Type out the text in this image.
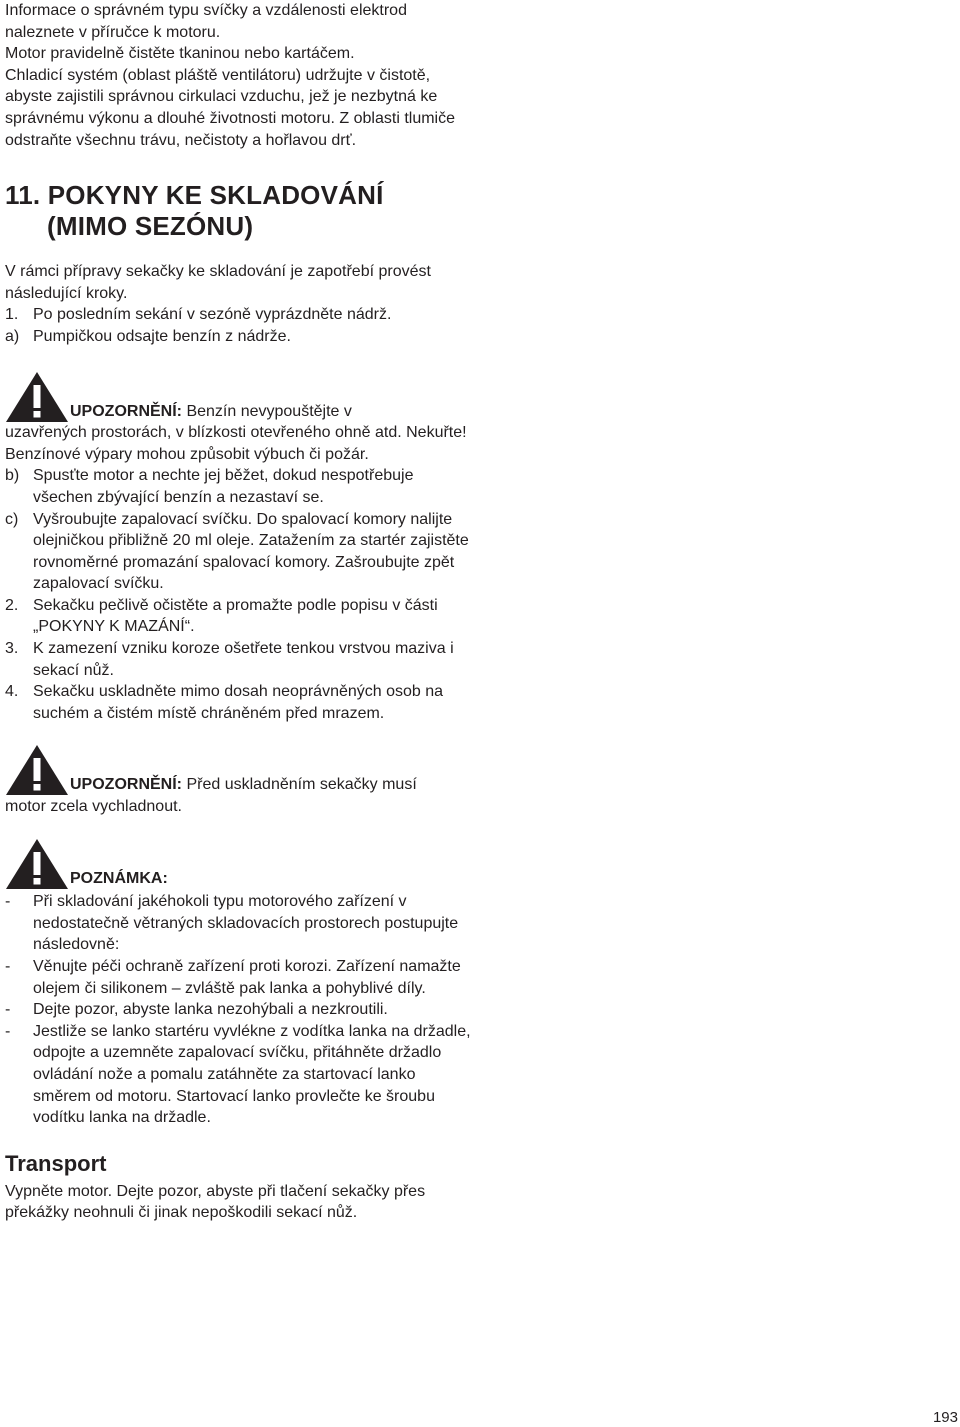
Informace o správném typu svíčky a vzdálenosti elektrod naleznete v příručce k motoru.

Motor pravidelně čistěte tkaninou nebo kartáčem.

Chladicí systém (oblast pláště ventilátoru) udržujte v čistotě, abyste zajistili správnou cirkulaci vzduchu, jež je nezbytná ke správnému výkonu a dlouhé životnosti motoru. Z oblasti tlumiče odstraňte všechnu trávu, nečistoty a hořlavou drť.

11. POKYNY KE SKLADOVÁNÍ
(MIMO SEZÓNU)

V rámci přípravy sekačky ke skladování je zapotřebí provést následující kroky.

1. Po posledním sekání v sezóně vyprázdněte nádrž.
a) Pumpičkou odsajte benzín z nádrže.
UPOZORNĚNÍ: Benzín nevypouštějte v

uzavřených prostorách, v blízkosti otevřeného ohně atd. Nekuřte! Benzínové výpary mohou způsobit výbuch či požár.

b) Spusťte motor a nechte jej běžet, dokud nespotřebuje všechen zbývající benzín a nezastaví se.
c) Vyšroubujte zapalovací svíčku. Do spalovací komory nalijte olejničkou přibližně 20 ml oleje. Zatažením za startér zajistěte rovnoměrné promazání spalovací komory. Zašroubujte zpět zapalovací svíčku.
2. Sekačku pečlivě očistěte a promažte podle popisu v části „POKYNY K MAZÁNÍ“.
3. K zamezení vzniku koroze ošetřete tenkou vrstvou maziva i sekací nůž.
4. Sekačku uskladněte mimo dosah neoprávněných osob na suchém a čistém místě chráněném před mrazem.
UPOZORNĚNÍ: Před uskladněním sekačky musí

motor zcela vychladnout.

POZNÁMKA:
-	Při skladování jakéhokoli typu motorového zařízení v nedostatečně větraných skladovacích prostorech postupujte následovně:
-	Věnujte péči ochraně zařízení proti korozi. Zařízení namažte olejem či silikonem – zvláště pak lanka a pohyblivé díly.
-	Dejte pozor, abyste lanka nezohýbali a nezkroutili.
-	Jestliže se lanko startéru vyvlékne z vodítka lanka na držadle, odpojte a uzemněte zapalovací svíčku, přitáhněte držadlo ovládání nože a pomalu zatáhněte za startovací lanko směrem od motoru. Startovací lanko provlečte ke šroubu vodítku lanka na držadle.
Transport

Vypněte motor. Dejte pozor, abyste při tlačení sekačky přes překážky neohnuli či jinak nepoškodili sekací nůž.

193
